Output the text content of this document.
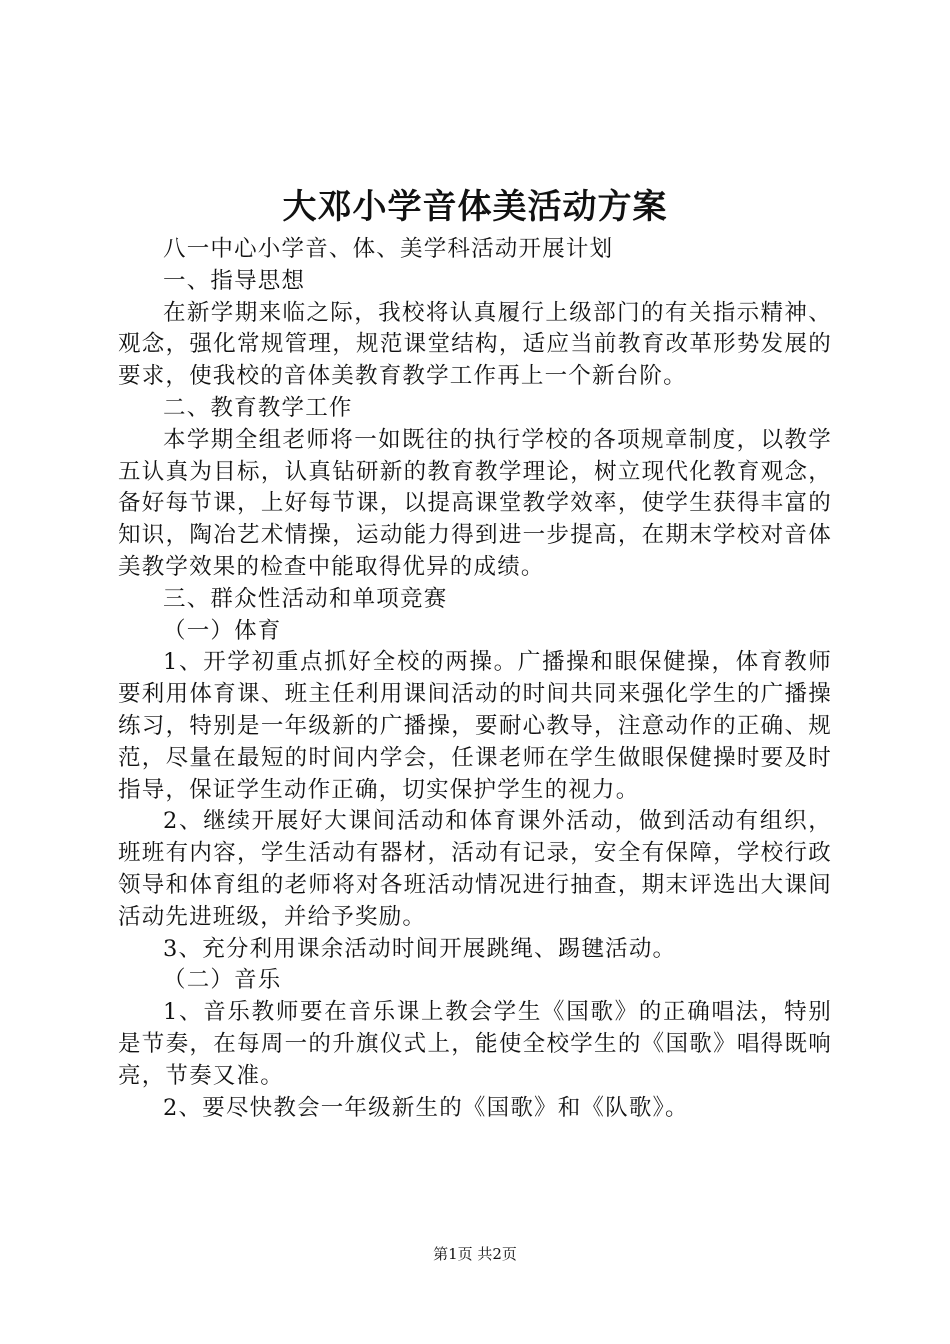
大邓小学音体美活动方案

八一中心小学音、体、美学科活动开展计划

一、指导思想

在新学期来临之际，我校将认真履行上级部门的有关指示精神、观念，强化常规管理，规范课堂结构，适应当前教育改革形势发展的要求，使我校的音体美教育教学工作再上一个新台阶。

二、教育教学工作

本学期全组老师将一如既往的执行学校的各项规章制度，以教学五认真为目标，认真钻研新的教育教学理论，树立现代化教育观念，备好每节课，上好每节课，以提高课堂教学效率，使学生获得丰富的知识，陶冶艺术情操，运动能力得到进一步提高，在期末学校对音体美教学效果的检查中能取得优异的成绩。

三、群众性活动和单项竞赛

（一）体育

1、开学初重点抓好全校的两操。广播操和眼保健操，体育教师要利用体育课、班主任利用课间活动的时间共同来强化学生的广播操练习，特别是一年级新的广播操，要耐心教导，注意动作的正确、规范，尽量在最短的时间内学会，任课老师在学生做眼保健操时要及时指导，保证学生动作正确，切实保护学生的视力。

2、继续开展好大课间活动和体育课外活动，做到活动有组织，班班有内容，学生活动有器材，活动有记录，安全有保障，学校行政领导和体育组的老师将对各班活动情况进行抽查，期末评选出大课间活动先进班级，并给予奖励。

3、充分利用课余活动时间开展跳绳、踢毽活动。

（二）音乐

1、音乐教师要在音乐课上教会学生《国歌》的正确唱法，特别是节奏，在每周一的升旗仪式上，能使全校学生的《国歌》唱得既响亮，节奏又准。

2、要尽快教会一年级新生的《国歌》和《队歌》。

第1页 共2页
